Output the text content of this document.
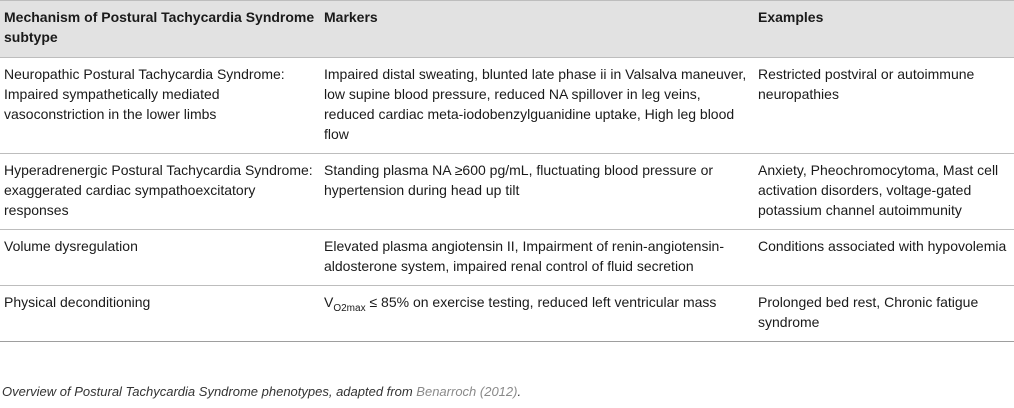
Mechanism of Postural Tachycardia Syndrome subtype	Markers	Examples
Neuropathic Postural Tachycardia Syndrome: Impaired sympathetically mediated vasoconstriction in the lower limbs	Impaired distal sweating, blunted late phase ii in Valsalva maneuver, low supine blood pressure, reduced NA spillover in leg veins, reduced cardiac meta-iodobenzylguanidine uptake, High leg blood flow	Restricted postviral or autoimmune neuropathies
Hyperadrenergic Postural Tachycardia Syndrome: exaggerated cardiac sympathoexcitatory responses	Standing plasma NA ≥600 pg/mL, fluctuating blood pressure or hypertension during head up tilt	Anxiety, Pheochromocytoma, Mast cell activation disorders, voltage-gated potassium channel autoimmunity
Volume dysregulation	Elevated plasma angiotensin II, Impairment of renin-angiotensin-aldosterone system, impaired renal control of fluid secretion	Conditions associated with hypovolemia
Physical deconditioning	$V_{O2max} \le 85\%$ on exercise testing, reduced left ventricular mass	Prolonged bed rest, Chronic fatigue syndrome
Overview of Postural Tachycardia Syndrome phenotypes, adapted from Benarroch (2012).
